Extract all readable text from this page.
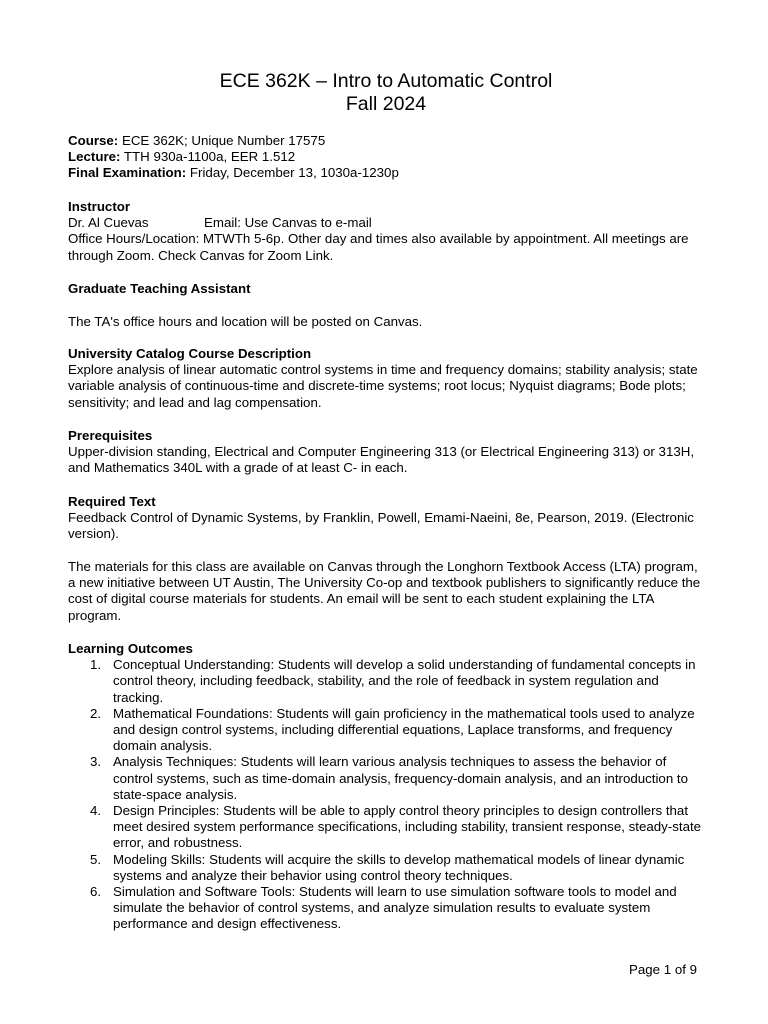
ECE 362K – Intro to Automatic Control
Fall 2024
Course: ECE 362K; Unique Number 17575
Lecture: TTH 930a-1100a, EER 1.512
Final Examination: Friday, December 13, 1030a-1230p
Instructor
Dr. Al Cuevas	Email: Use Canvas to e-mail
Office Hours/Location: MTWTh 5-6p. Other day and times also available by appointment. All meetings are through Zoom. Check Canvas for Zoom Link.
Graduate Teaching Assistant
The TA's office hours and location will be posted on Canvas.
University Catalog Course Description
Explore analysis of linear automatic control systems in time and frequency domains; stability analysis; state variable analysis of continuous-time and discrete-time systems; root locus; Nyquist diagrams; Bode plots; sensitivity; and lead and lag compensation.
Prerequisites
Upper-division standing, Electrical and Computer Engineering 313 (or Electrical Engineering 313) or 313H, and Mathematics 340L with a grade of at least C- in each.
Required Text
Feedback Control of Dynamic Systems, by Franklin, Powell, Emami-Naeini, 8e, Pearson, 2019. (Electronic version).
The materials for this class are available on Canvas through the Longhorn Textbook Access (LTA) program, a new initiative between UT Austin, The University Co-op and textbook publishers to significantly reduce the cost of digital course materials for students. An email will be sent to each student explaining the LTA program.
Learning Outcomes
1. Conceptual Understanding: Students will develop a solid understanding of fundamental concepts in control theory, including feedback, stability, and the role of feedback in system regulation and tracking.
2. Mathematical Foundations: Students will gain proficiency in the mathematical tools used to analyze and design control systems, including differential equations, Laplace transforms, and frequency domain analysis.
3. Analysis Techniques: Students will learn various analysis techniques to assess the behavior of control systems, such as time-domain analysis, frequency-domain analysis, and an introduction to state-space analysis.
4. Design Principles: Students will be able to apply control theory principles to design controllers that meet desired system performance specifications, including stability, transient response, steady-state error, and robustness.
5. Modeling Skills: Students will acquire the skills to develop mathematical models of linear dynamic systems and analyze their behavior using control theory techniques.
6. Simulation and Software Tools: Students will learn to use simulation software tools to model and simulate the behavior of control systems, and analyze simulation results to evaluate system performance and design effectiveness.
Page 1 of 9
